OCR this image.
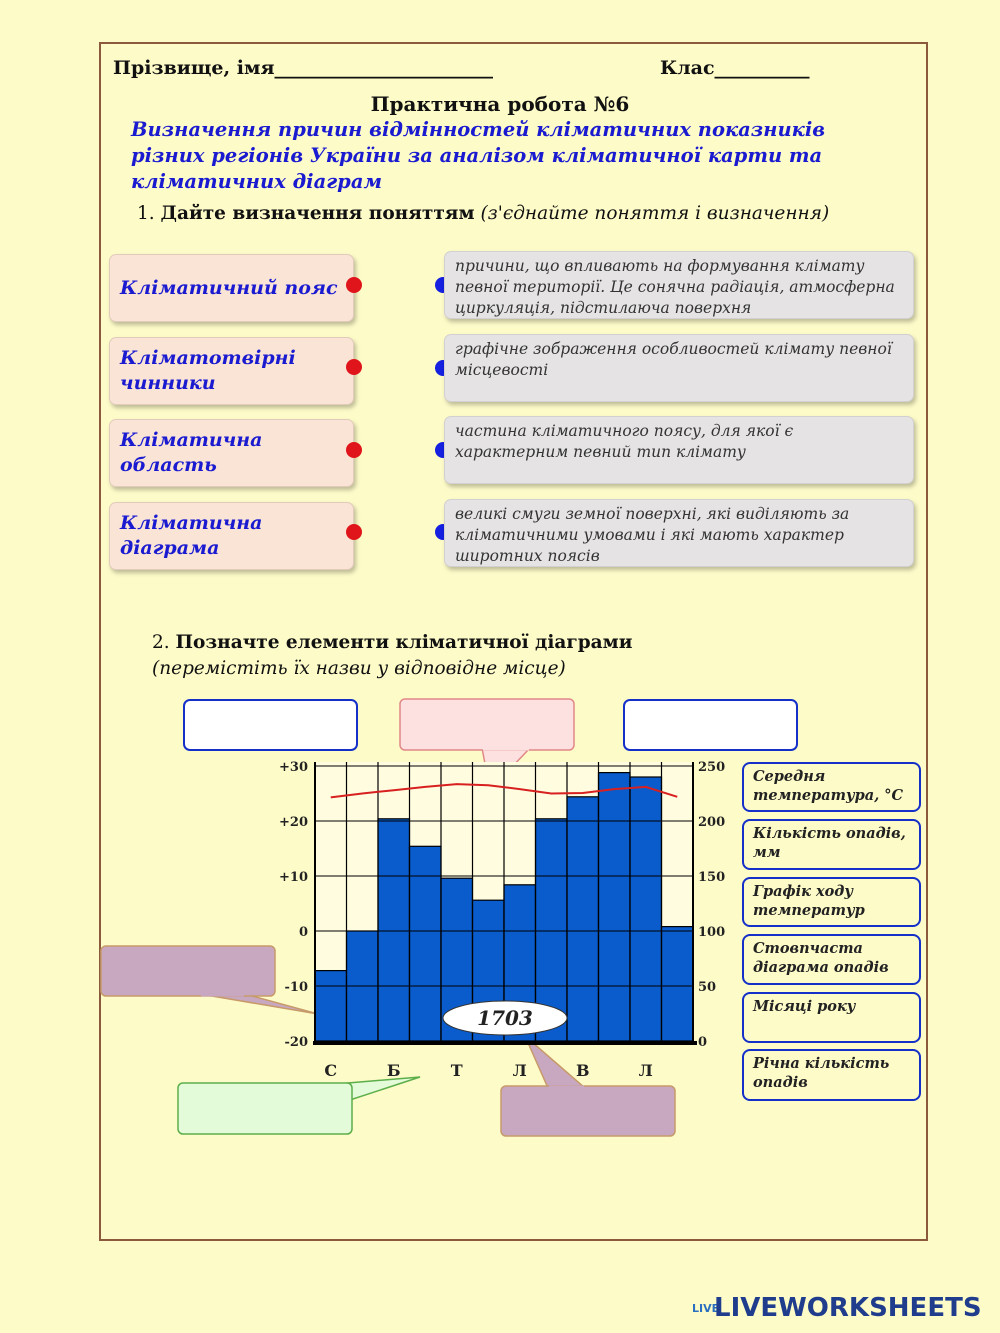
Прізвище, імя_______________________	Клас__________
Практична робота №6
Визначення причин відмінностей кліматичних показників різних регіонів України за аналізом кліматичної карти та кліматичних діаграм
1. Дайте визначення поняттям (з'єднайте поняття і визначення)
Кліматичний пояс
Кліматотвірні чинники
Кліматична область
Кліматична діаграма
причини, що впливають на формування клімату певної території. Це сонячна радіація, атмосферна циркуляція, підстилаюча поверхня
графічне зображення особливостей клімату певної місцевості
частина кліматичного поясу, для якої є характерним певний тип клімату
великі смуги земної поверхні, які виділяють за кліматичними умовами і які мають характер широтних поясів
2. Позначте елементи кліматичної діаграми
(перемістіть їх назви у відповідне місце)
+30
+20
+10
0
-10
-20
250
200
150
100
50
0
С	Б	Т	Л	В	Л
1703
Середня температура, °C
Кількість опадів, мм
Графік ходу температур
Стовпчаста діаграма опадів
Місяці року
Річна кількість опадів
LIVELIVEWORKSHEETS
